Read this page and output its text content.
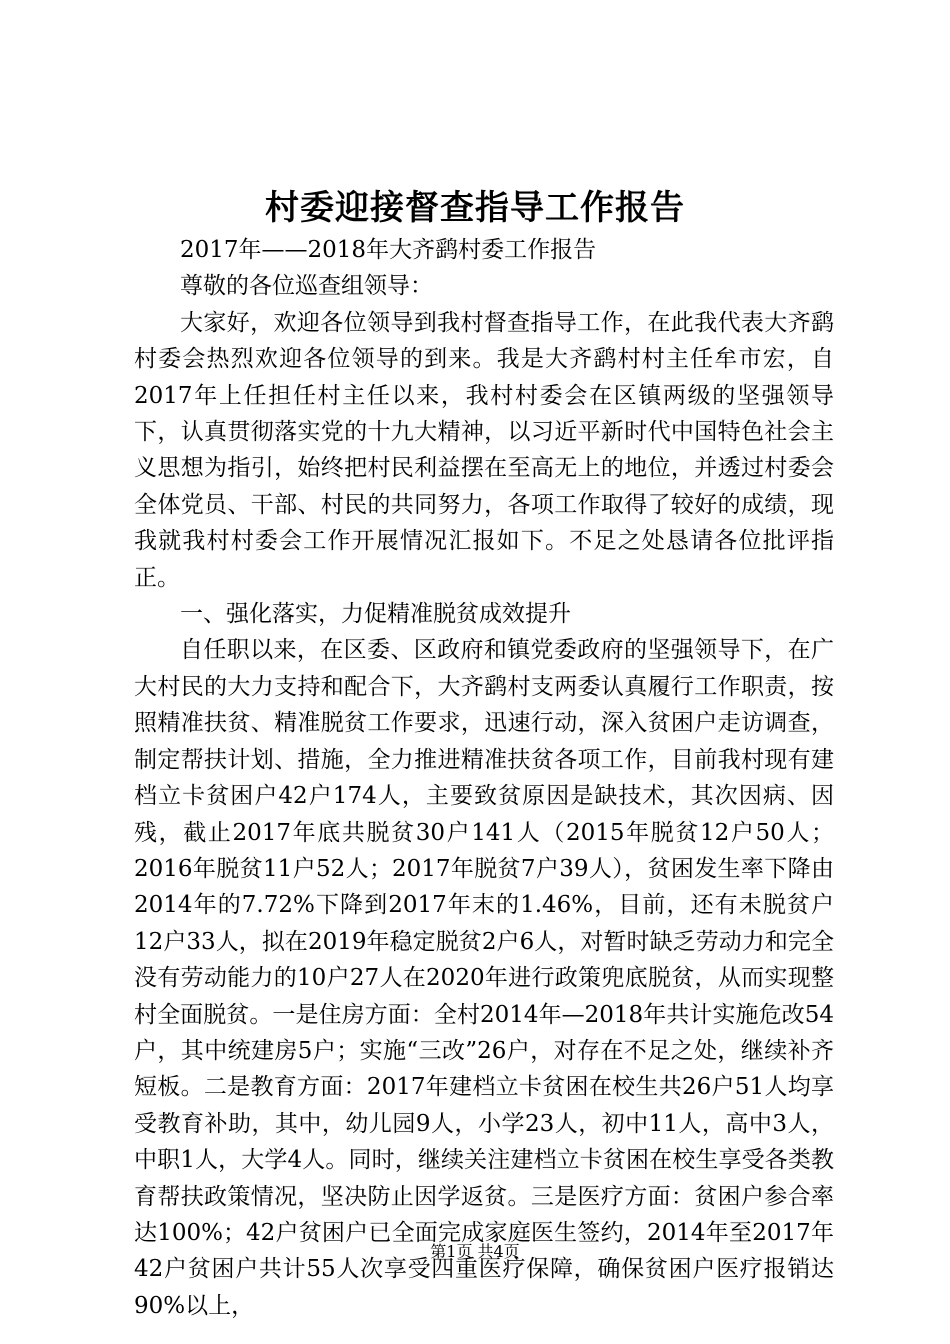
村委迎接督查指导工作报告

2017年——2018年大齐鹞村委工作报告

尊敬的各位巡查组领导：

大家好，欢迎各位领导到我村督查指导工作，在此我代表大齐鹞村委会热烈欢迎各位领导的到来。我是大齐鹞村村主任牟市宏，自2017年上任担任村主任以来，我村村委会在区镇两级的坚强领导下，认真贯彻落实党的十九大精神，以习近平新时代中国特色社会主义思想为指引，始终把村民利益摆在至高无上的地位，并透过村委会全体党员、干部、村民的共同努力，各项工作取得了较好的成绩，现我就我村村委会工作开展情况汇报如下。不足之处恳请各位批评指正。

一、强化落实，力促精准脱贫成效提升

自任职以来，在区委、区政府和镇党委政府的坚强领导下，在广大村民的大力支持和配合下，大齐鹞村支两委认真履行工作职责，按照精准扶贫、精准脱贫工作要求，迅速行动，深入贫困户走访调查，制定帮扶计划、措施，全力推进精准扶贫各项工作，目前我村现有建档立卡贫困户42户174人，主要致贫原因是缺技术，其次因病、因残，截止2017年底共脱贫30户141人（2015年脱贫12户50人；2016年脱贫11户52人；2017年脱贫7户39人），贫困发生率下降由2014年的7.72%下降到2017年末的1.46%，目前，还有未脱贫户12户33人，拟在2019年稳定脱贫2户6人，对暂时缺乏劳动力和完全没有劳动能力的10户27人在2020年进行政策兜底脱贫，从而实现整村全面脱贫。一是住房方面：全村2014年—2018年共计实施危改54户，其中统建房5户；实施“三改”26户，对存在不足之处，继续补齐短板。二是教育方面：2017年建档立卡贫困在校生共26户51人均享受教育补助，其中，幼儿园9人，小学23人，初中11人，高中3人，中职1人，大学4人。同时，继续关注建档立卡贫困在校生享受各类教育帮扶政策情况，坚决防止因学返贫。三是医疗方面：贫困户参合率达100%；42户贫困户已全面完成家庭医生签约，2014年至2017年42户贫困户共计55人次享受四重医疗保障，确保贫困户医疗报销达90%以上，

第1页 共4页
